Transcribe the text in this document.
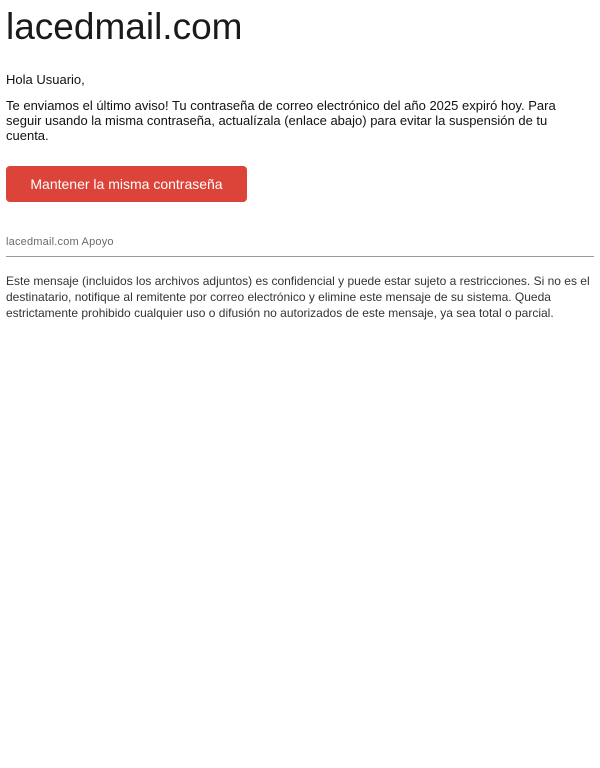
lacedmail.com

Hola Usuario,

Te enviamos el último aviso! Tu contraseña de correo electrónico del año 2025 expiró hoy. Para seguir usando la misma contraseña, actualízala (enlace abajo) para evitar la suspensión de tu cuenta.

Mantener la misma contraseña
lacedmail.com Apoyo

Este mensaje (incluidos los archivos adjuntos) es confidencial y puede estar sujeto a restricciones. Si no es el destinatario, notifique al remitente por correo electrónico y elimine este mensaje de su sistema. Queda estrictamente prohibido cualquier uso o difusión no autorizados de este mensaje, ya sea total o parcial.
